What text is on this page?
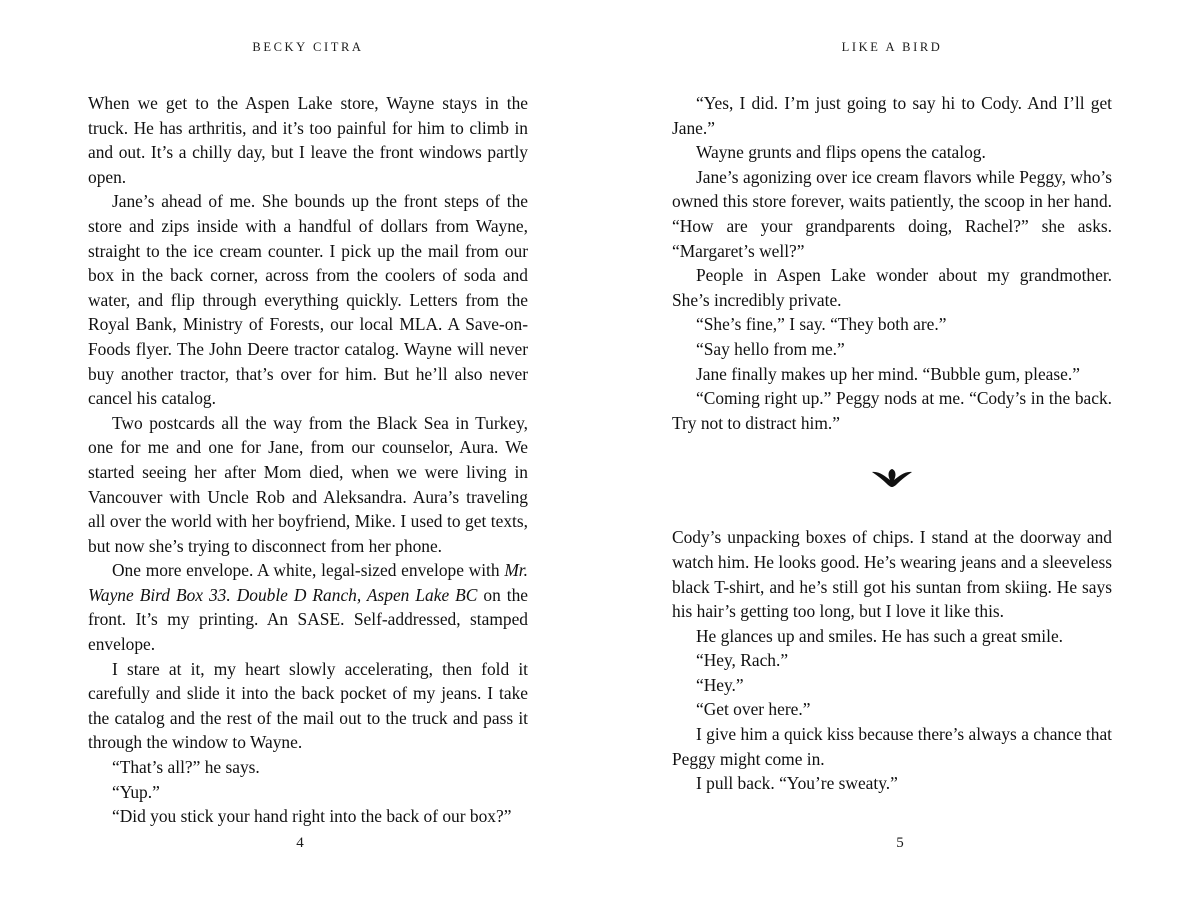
BECKY CITRA

When we get to the Aspen Lake store, Wayne stays in the truck. He has arthritis, and it’s too painful for him to climb in and out. It’s a chilly day, but I leave the front windows partly open.

Jane’s ahead of me. She bounds up the front steps of the store and zips inside with a handful of dollars from Wayne, straight to the ice cream counter. I pick up the mail from our box in the back corner, across from the coolers of soda and water, and flip through everything quickly. Letters from the Royal Bank, Ministry of Forests, our local MLA. A Save-on-Foods flyer. The John Deere tractor catalog. Wayne will never buy another tractor, that’s over for him. But he’ll also never cancel his catalog.

Two postcards all the way from the Black Sea in Turkey, one for me and one for Jane, from our counselor, Aura. We started seeing her after Mom died, when we were living in Vancouver with Uncle Rob and Aleksandra. Aura’s traveling all over the world with her boyfriend, Mike. I used to get texts, but now she’s trying to disconnect from her phone.

One more envelope. A white, legal-sized envelope with Mr. Wayne Bird Box 33. Double D Ranch, Aspen Lake BC on the front. It’s my printing. An SASE. Self-addressed, stamped envelope.

I stare at it, my heart slowly accelerating, then fold it carefully and slide it into the back pocket of my jeans. I take the catalog and the rest of the mail out to the truck and pass it through the window to Wayne.

“That’s all?” he says.

“Yup.”

“Did you stick your hand right into the back of our box?”

4
LIKE A BIRD

“Yes, I did. I’m just going to say hi to Cody. And I’ll get Jane.”

Wayne grunts and flips opens the catalog.

Jane’s agonizing over ice cream flavors while Peggy, who’s owned this store forever, waits patiently, the scoop in her hand. “How are your grandparents doing, Rachel?” she asks. “Margaret’s well?”

People in Aspen Lake wonder about my grandmother. She’s incredibly private.

“She’s fine,” I say. “They both are.”

“Say hello from me.”

Jane finally makes up her mind. “Bubble gum, please.”

“Coming right up.” Peggy nods at me. “Cody’s in the back. Try not to distract him.”

Cody’s unpacking boxes of chips. I stand at the doorway and watch him. He looks good. He’s wearing jeans and a sleeveless black T-shirt, and he’s still got his suntan from skiing. He says his hair’s getting too long, but I love it like this.

He glances up and smiles. He has such a great smile.

“Hey, Rach.”

“Hey.”

“Get over here.”

I give him a quick kiss because there’s always a chance that Peggy might come in.

I pull back. “You’re sweaty.”

5
